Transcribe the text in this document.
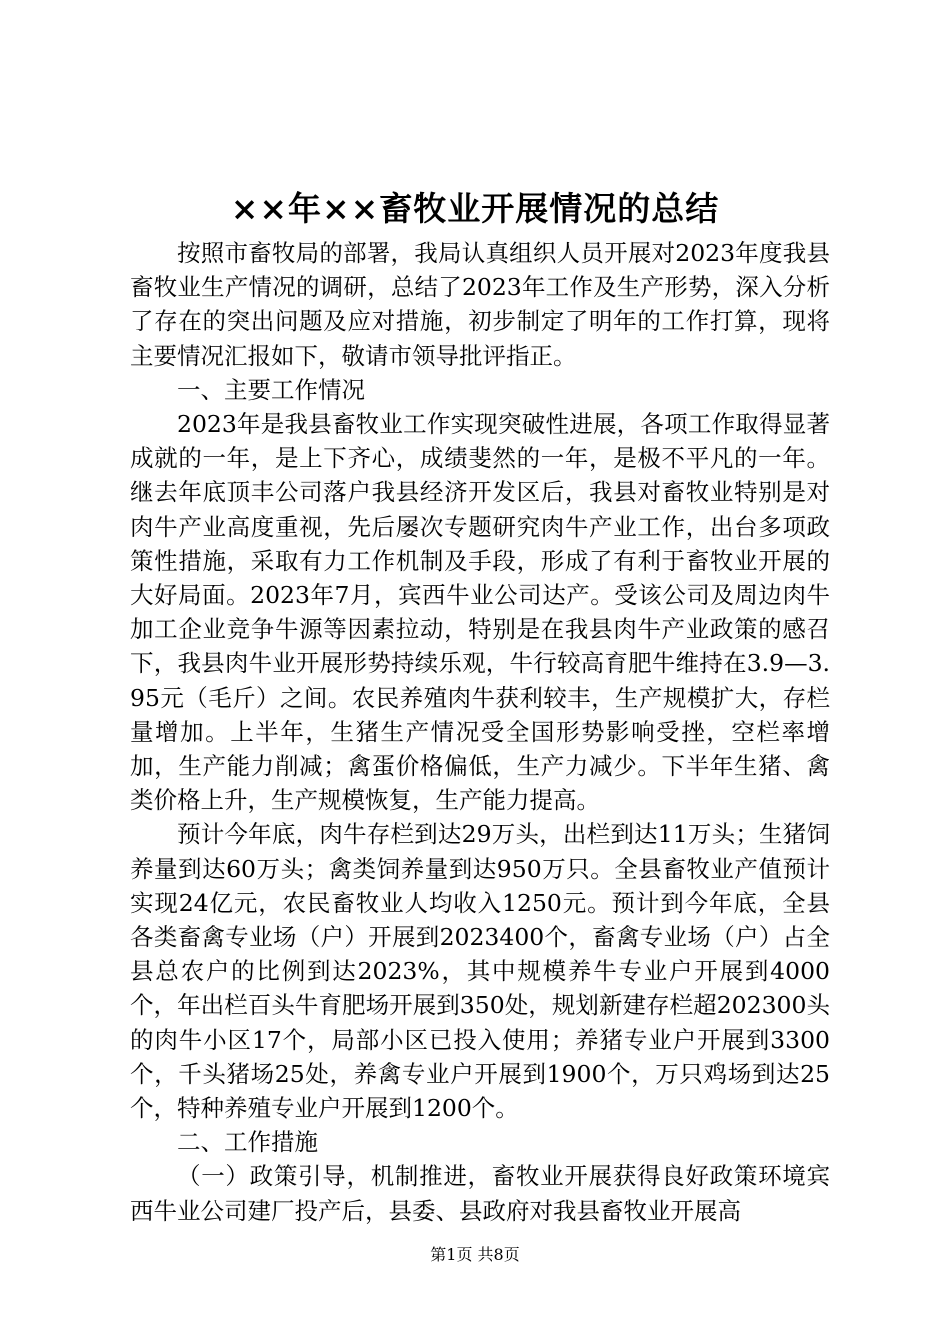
××年××畜牧业开展情况的总结

按照市畜牧局的部署，我局认真组织人员开展对2023年度我县畜牧业生产情况的调研，总结了2023年工作及生产形势，深入分析了存在的突出问题及应对措施，初步制定了明年的工作打算，现将主要情况汇报如下，敬请市领导批评指正。

一、主要工作情况

2023年是我县畜牧业工作实现突破性进展，各项工作取得显著成就的一年，是上下齐心，成绩斐然的一年，是极不平凡的一年。继去年底顶丰公司落户我县经济开发区后，我县对畜牧业特别是对肉牛产业高度重视，先后屡次专题研究肉牛产业工作，出台多项政策性措施，采取有力工作机制及手段，形成了有利于畜牧业开展的大好局面。2023年7月，宾西牛业公司达产。受该公司及周边肉牛加工企业竞争牛源等因素拉动，特别是在我县肉牛产业政策的感召下，我县肉牛业开展形势持续乐观，牛行较高育肥牛维持在3.9—3.95元（毛斤）之间。农民养殖肉牛获利较丰，生产规模扩大，存栏量增加。上半年，生猪生产情况受全国形势影响受挫，空栏率增加，生产能力削减；禽蛋价格偏低，生产力减少。下半年生猪、禽类价格上升，生产规模恢复，生产能力提高。

预计今年底，肉牛存栏到达29万头，出栏到达11万头；生猪饲养量到达60万头；禽类饲养量到达950万只。全县畜牧业产值预计实现24亿元，农民畜牧业人均收入1250元。预计到今年底，全县各类畜禽专业场（户）开展到2023400个，畜禽专业场（户）占全县总农户的比例到达2023%，其中规模养牛专业户开展到4000个，年出栏百头牛育肥场开展到350处，规划新建存栏超202300头的肉牛小区17个，局部小区已投入使用；养猪专业户开展到3300个，千头猪场25处，养禽专业户开展到1900个，万只鸡场到达25个，特种养殖专业户开展到1200个。

二、工作措施

（一）政策引导，机制推进，畜牧业开展获得良好政策环境宾西牛业公司建厂投产后，县委、县政府对我县畜牧业开展高

第1页 共8页
